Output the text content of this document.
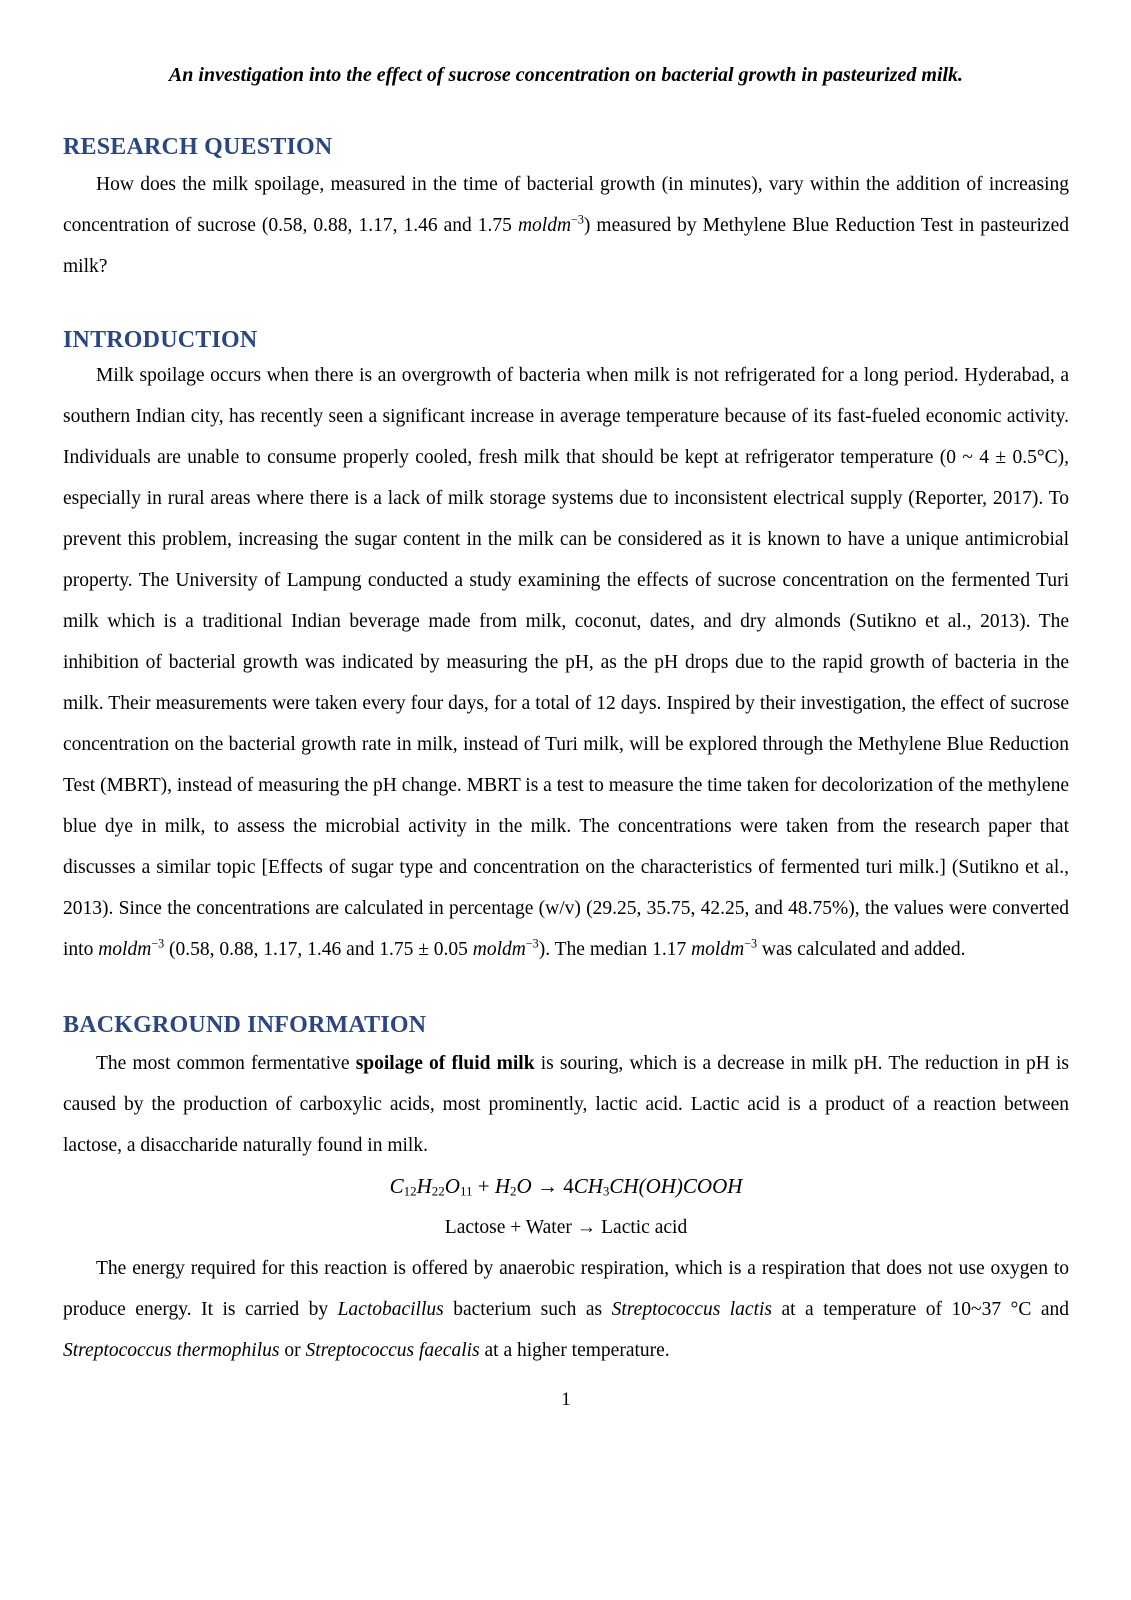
An investigation into the effect of sucrose concentration on bacterial growth in pasteurized milk.

RESEARCH QUESTION

How does the milk spoilage, measured in the time of bacterial growth (in minutes), vary within the addition of increasing concentration of sucrose (0.58, 0.88, 1.17, 1.46 and 1.75 moldm$^{-3}$) measured by Methylene Blue Reduction Test in pasteurized milk?

INTRODUCTION

Milk spoilage occurs when there is an overgrowth of bacteria when milk is not refrigerated for a long period. Hyderabad, a southern Indian city, has recently seen a significant increase in average temperature because of its fast-fueled economic activity. Individuals are unable to consume properly cooled, fresh milk that should be kept at refrigerator temperature (0 ~ 4 ± 0.5°C), especially in rural areas where there is a lack of milk storage systems due to inconsistent electrical supply (Reporter, 2017). To prevent this problem, increasing the sugar content in the milk can be considered as it is known to have a unique antimicrobial property. The University of Lampung conducted a study examining the effects of sucrose concentration on the fermented Turi milk which is a traditional Indian beverage made from milk, coconut, dates, and dry almonds (Sutikno et al., 2013). The inhibition of bacterial growth was indicated by measuring the pH, as the pH drops due to the rapid growth of bacteria in the milk. Their measurements were taken every four days, for a total of 12 days. Inspired by their investigation, the effect of sucrose concentration on the bacterial growth rate in milk, instead of Turi milk, will be explored through the Methylene Blue Reduction Test (MBRT), instead of measuring the pH change. MBRT is a test to measure the time taken for decolorization of the methylene blue dye in milk, to assess the microbial activity in the milk. The concentrations were taken from the research paper that discusses a similar topic [Effects of sugar type and concentration on the characteristics of fermented turi milk.] (Sutikno et al., 2013). Since the concentrations are calculated in percentage (w/v) (29.25, 35.75, 42.25, and 48.75%), the values were converted into moldm$^{-3}$ (0.58, 0.88, 1.17, 1.46 and 1.75 ± 0.05 moldm$^{-3}$). The median 1.17 moldm$^{-3}$ was calculated and added.

BACKGROUND INFORMATION

The most common fermentative spoilage of fluid milk is souring, which is a decrease in milk pH. The reduction in pH is caused by the production of carboxylic acids, most prominently, lactic acid. Lactic acid is a product of a reaction between lactose, a disaccharide naturally found in milk.

$C_{12}H_{22}O_{11} + H_2O$ → $4CH_3CH(OH)COOH$
Lactose + Water → Lactic acid

The energy required for this reaction is offered by anaerobic respiration, which is a respiration that does not use oxygen to produce energy. It is carried by Lactobacillus bacterium such as Streptococcus lactis at a temperature of 10~37 °C and Streptococcus thermophilus or Streptococcus faecalis at a higher temperature.

1
